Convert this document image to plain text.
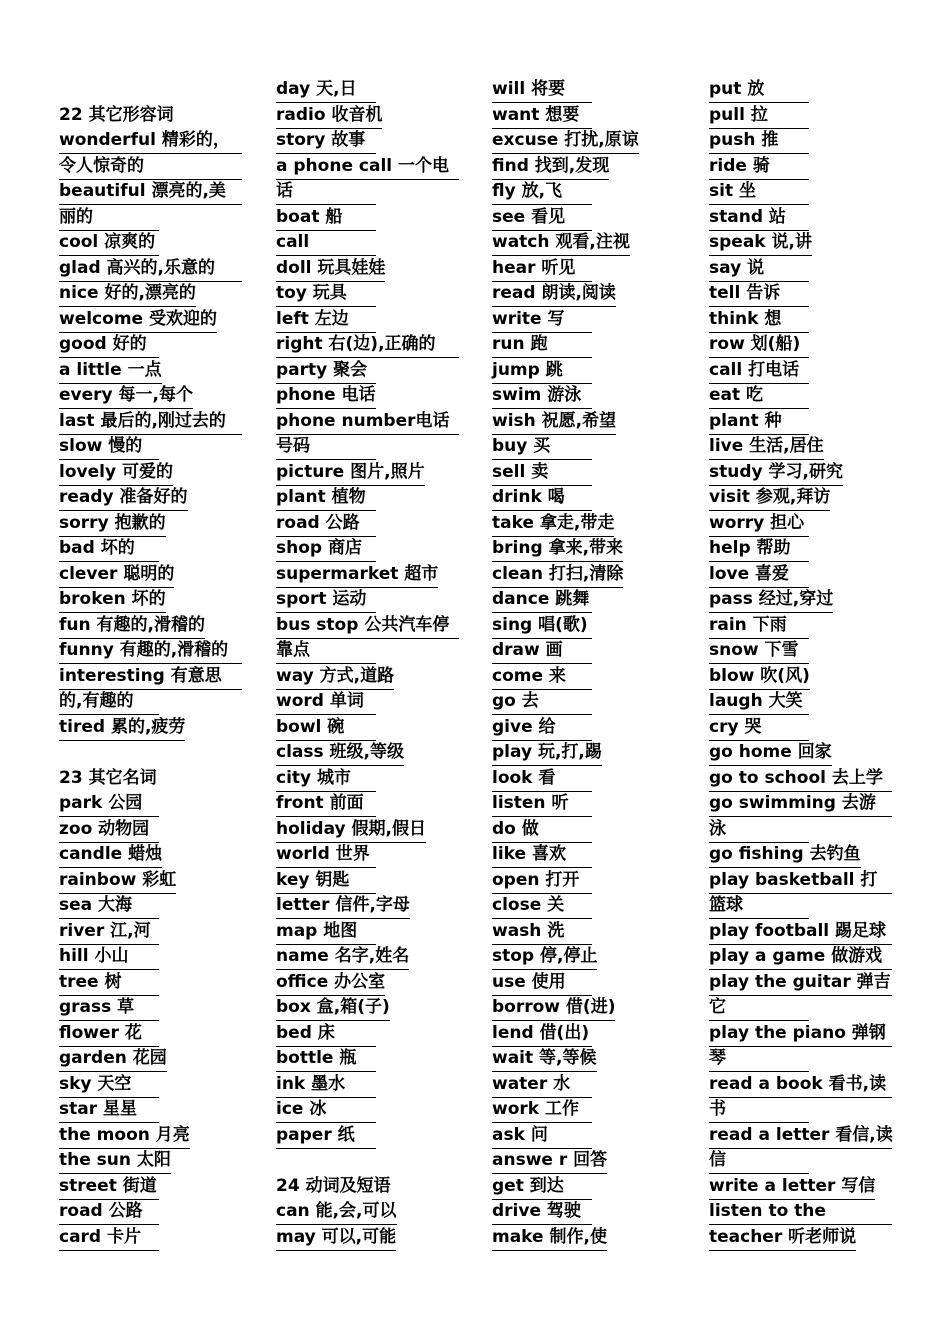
22 其它形容词
wonderful 精彩的，
令人惊奇的
beautiful 漂亮的,美
丽的
cool 凉爽的
glad 高兴的,乐意的
nice 好的,漂亮的
welcome 受欢迎的
good 好的
a little 一点
every 每一,每个
last 最后的,刚过去的
slow 慢的
lovely 可爱的
ready 准备好的
sorry 抱歉的
bad 坏的
clever 聪明的
broken 坏的
fun 有趣的,滑稽的
funny 有趣的,滑稽的
interesting 有意思
的,有趣的
tired 累的,疲劳
23 其它名词
park 公园
zoo 动物园
candle 蜡烛
rainbow 彩虹
sea 大海
river 江,河
hill 小山
tree 树
grass 草
flower 花
garden 花园
sky 天空
star 星星
the moon 月亮
the sun 太阳
street 街道
road 公路
card 卡片
day 天,日
radio 收音机
story 故事
a phone call 一个电
话
boat 船
call
doll 玩具娃娃
toy 玩具
left 左边
right 右(边),正确的
party 聚会
phone 电话
phone number电话
号码
picture 图片,照片
plant 植物
road 公路
shop 商店
supermarket 超市
sport 运动
bus stop 公共汽车停
靠点
way 方式,道路
word 单词
bowl 碗
class 班级,等级
city 城市
front 前面
holiday 假期,假日
world 世界
key 钥匙
letter 信件,字母
map 地图
name 名字,姓名
office 办公室
box 盒,箱(子)
bed 床
bottle 瓶
ink 墨水
ice 冰
paper 纸
24 动词及短语
can 能,会,可以
may 可以,可能
will 将要
want 想要
excuse 打扰,原谅
find 找到,发现
fly 放,飞
see 看见
watch 观看,注视
hear 听见
read 朗读,阅读
write 写
run 跑
jump 跳
swim 游泳
wish 祝愿,希望
buy 买
sell 卖
drink 喝
take 拿走,带走
bring 拿来,带来
clean 打扫,清除
dance 跳舞
sing 唱(歌)
draw 画
come 来
go 去
give 给
play 玩,打,踢
look 看
listen 听
do 做
like 喜欢
open 打开
close 关
wash 洗
stop 停,停止
use 使用
borrow 借(进)
lend 借(出)
wait 等,等候
water 水
work 工作
ask 问
answe r 回答
get 到达
drive 驾驶
make 制作,使
put 放
pull 拉
push 推
ride 骑
sit 坐
stand 站
speak 说,讲
say 说
tell 告诉
think 想
row 划(船)
call 打电话
eat 吃
plant 种
live 生活,居住
study 学习,研究
visit 参观,拜访
worry 担心
help 帮助
love 喜爱
pass 经过,穿过
rain 下雨
snow 下雪
blow 吹(风)
laugh 大笑
cry 哭
go home 回家
go to school 去上学
go swimming 去游
泳
go fishing 去钓鱼
play basketball 打
篮球
play football 踢足球
play a game 做游戏
play the guitar 弹吉
它
play the piano 弹钢
琴
read a book 看书,读
书
read a letter 看信,读
信
write a letter 写信
listen to the
teacher 听老师说
